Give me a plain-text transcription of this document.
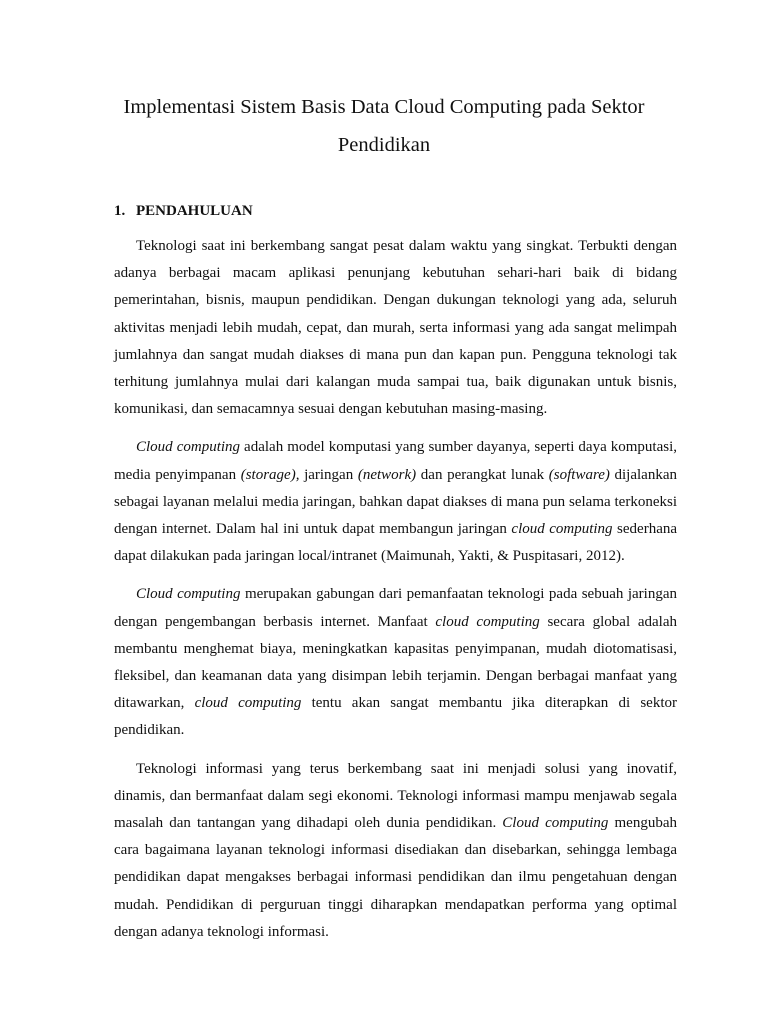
Implementasi Sistem Basis Data Cloud Computing pada Sektor
Pendidikan
1. PENDAHULUAN

Teknologi saat ini berkembang sangat pesat dalam waktu yang singkat. Terbukti dengan adanya berbagai macam aplikasi penunjang kebutuhan sehari-hari baik di bidang pemerintahan, bisnis, maupun pendidikan. Dengan dukungan teknologi yang ada, seluruh aktivitas menjadi lebih mudah, cepat, dan murah, serta informasi yang ada sangat melimpah jumlahnya dan sangat mudah diakses di mana pun dan kapan pun. Pengguna teknologi tak terhitung jumlahnya mulai dari kalangan muda sampai tua, baik digunakan untuk bisnis, komunikasi, dan semacamnya sesuai dengan kebutuhan masing-masing.

Cloud computing adalah model komputasi yang sumber dayanya, seperti daya komputasi, media penyimpanan (storage), jaringan (network) dan perangkat lunak (software) dijalankan sebagai layanan melalui media jaringan, bahkan dapat diakses di mana pun selama terkoneksi dengan internet. Dalam hal ini untuk dapat membangun jaringan cloud computing sederhana dapat dilakukan pada jaringan local/intranet (Maimunah, Yakti, & Puspitasari, 2012).

Cloud computing merupakan gabungan dari pemanfaatan teknologi pada sebuah jaringan dengan pengembangan berbasis internet. Manfaat cloud computing secara global adalah membantu menghemat biaya, meningkatkan kapasitas penyimpanan, mudah diotomatisasi, fleksibel, dan keamanan data yang disimpan lebih terjamin. Dengan berbagai manfaat yang ditawarkan, cloud computing tentu akan sangat membantu jika diterapkan di sektor pendidikan.

Teknologi informasi yang terus berkembang saat ini menjadi solusi yang inovatif, dinamis, dan bermanfaat dalam segi ekonomi. Teknologi informasi mampu menjawab segala masalah dan tantangan yang dihadapi oleh dunia pendidikan. Cloud computing mengubah cara bagaimana layanan teknologi informasi disediakan dan disebarkan, sehingga lembaga pendidikan dapat mengakses berbagai informasi pendidikan dan ilmu pengetahuan dengan mudah. Pendidikan di perguruan tinggi diharapkan mendapatkan performa yang optimal dengan adanya teknologi informasi.
